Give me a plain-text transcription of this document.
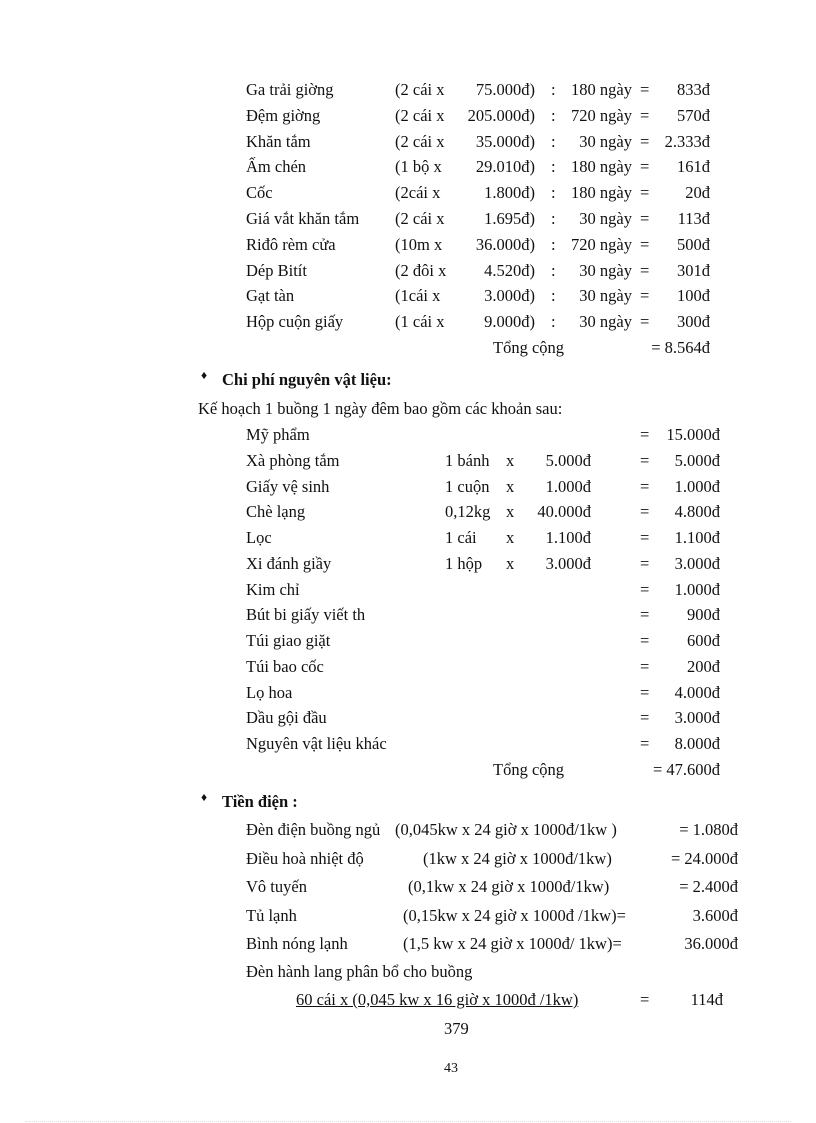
Ga trải giờng	(2 cái x	75.000đ) : 180 ngày =	833đ
Đệm giờng	(2 cái x	205.000đ) : 720 ngày =	570đ
Khăn tắm	(2 cái x	35.000đ) :	30 ngày = 2.333đ
Ấm chén	(1 bộ x	29.010đ) : 180 ngày =	161đ
Cốc	(2cái x	1.800đ) : 180 ngày =	20đ
Giá vắt khăn tắm (2 cái x	1.695đ) :	30 ngày =	113đ
Riđô rèm cửa	(10m x	36.000đ) : 720 ngày =	500đ
Dép Bitít	(2 đôi x	4.520đ) :	30 ngày =	301đ
Gạt tàn	(1cái x	3.000đ) :	30 ngày =	100đ
Hộp cuộn giấy	(1 cái x	9.000đ) :	30 ngày =	300đ
Tổng cộng	= 8.564đ
♦ Chi phí nguyên vật liệu:
Kế hoạch 1 buồng 1 ngày đêm bao gồm các khoản sau:
Mỹ phẩm	=	15.000đ
Xà phòng tắm	1 bánh x	5.000đ	=	5.000đ
Giấy vệ sinh	1 cuộn x	1.000đ	=	1.000đ
Chè lạng	0,12kg x	40.000đ	=	4.800đ
Lọc	1 cái x	1.100đ	=	1.100đ
Xi đánh giầy	1 hộp x	3.000đ	=	3.000đ
Kim chỉ	=	1.000đ
Bút bi giấy viết th	=	900đ
Túi giao giặt	=	600đ
Túi bao cốc	=	200đ
Lọ hoa	=	4.000đ
Dầu gội đầu	=	3.000đ
Nguyên vật liệu khác	=	8.000đ
Tổng cộng	= 47.600đ
♦ Tiền điện :
Đèn điện buồng ngủ (0,045kw x 24 giờ x 1000đ/1kw )	= 1.080đ
Điều hoà nhiệt độ	(1kw x 24 giờ x 1000đ/1kw)	= 24.000đ
Vô tuyến	(0,1kw x 24 giờ x 1000đ/1kw)	= 2.400đ
Tủ lạnh	(0,15kw x 24 giờ x 1000đ /1kw)=	3.600đ
Bình nóng lạnh	(1,5 kw x 24 giờ x 1000đ/ 1kw)=	36.000đ
Đèn hành lang phân bổ cho buồng
60 cái x (0,045 kw x 16 giờ x 1000đ /1kw)	=	114đ
379
43
